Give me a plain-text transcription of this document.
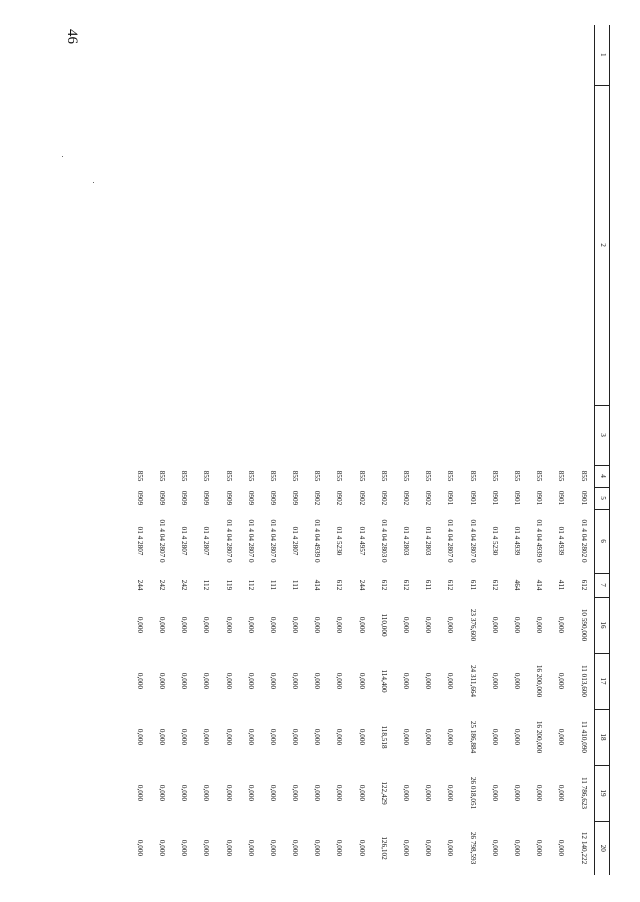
46
1	2	3	4	5	6	7	16	17	18	19	20
			855	0901	01 4 04 2802 0	612	10 590,000	11 013,600	11 410,090	11 786,623	12 140,222
			855	0901	01 4 4939	411	0,000	0,000	0,000	0,000	0,000
			855	0901	01 4 04 4939 0	414	0,000	16 200,000	16 200,000	0,000	0,000
			855	0901	01 4 4939	464	0,000	0,000	0,000	0,000	0,000
			855	0901	01 4 5230	612	0,000	0,000	0,000	0,000	0,000
			855	0901	01 4 04 2807 0	611	23 376,600	24 311,664	25 186,884	26 018,051	26 798,593
			855	0901	01 4 04 2807 0	612	0,000	0,000	0,000	0,000	0,000
			855	0902	01 4 2803	611	0,000	0,000	0,000	0,000	0,000
			855	0902	01 4 2803	612	0,000	0,000	0,000	0,000	0,000
			855	0902	01 4 04 2803 0	612	110,000	114,400	118,518	122,429	126,102
			855	0902	01 4 4957	244	0,000	0,000	0,000	0,000	0,000
			855	0902	01 4 5230	612	0,000	0,000	0,000	0,000	0,000
			855	0902	01 4 04 4939 0	414	0,000	0,000	0,000	0,000	0,000
			855	0909	01 4 2807	111	0,000	0,000	0,000	0,000	0,000
			855	0909	01 4 04 2807 0	111	0,000	0,000	0,000	0,000	0,000
			855	0909	01 4 04 2807 0	112	0,000	0,000	0,000	0,000	0,000
			855	0909	01 4 04 2807 0	119	0,000	0,000	0,000	0,000	0,000
			855	0909	01 4 2807	112	0,000	0,000	0,000	0,000	0,000
			855	0909	01 4 2807	242	0,000	0,000	0,000	0,000	0,000
			855	0909	01 4 04 2807 0	242	0,000	0,000	0,000	0,000	0,000
			855	0909	01 4 2807	244	0,000	0,000	0,000	0,000	0,000
